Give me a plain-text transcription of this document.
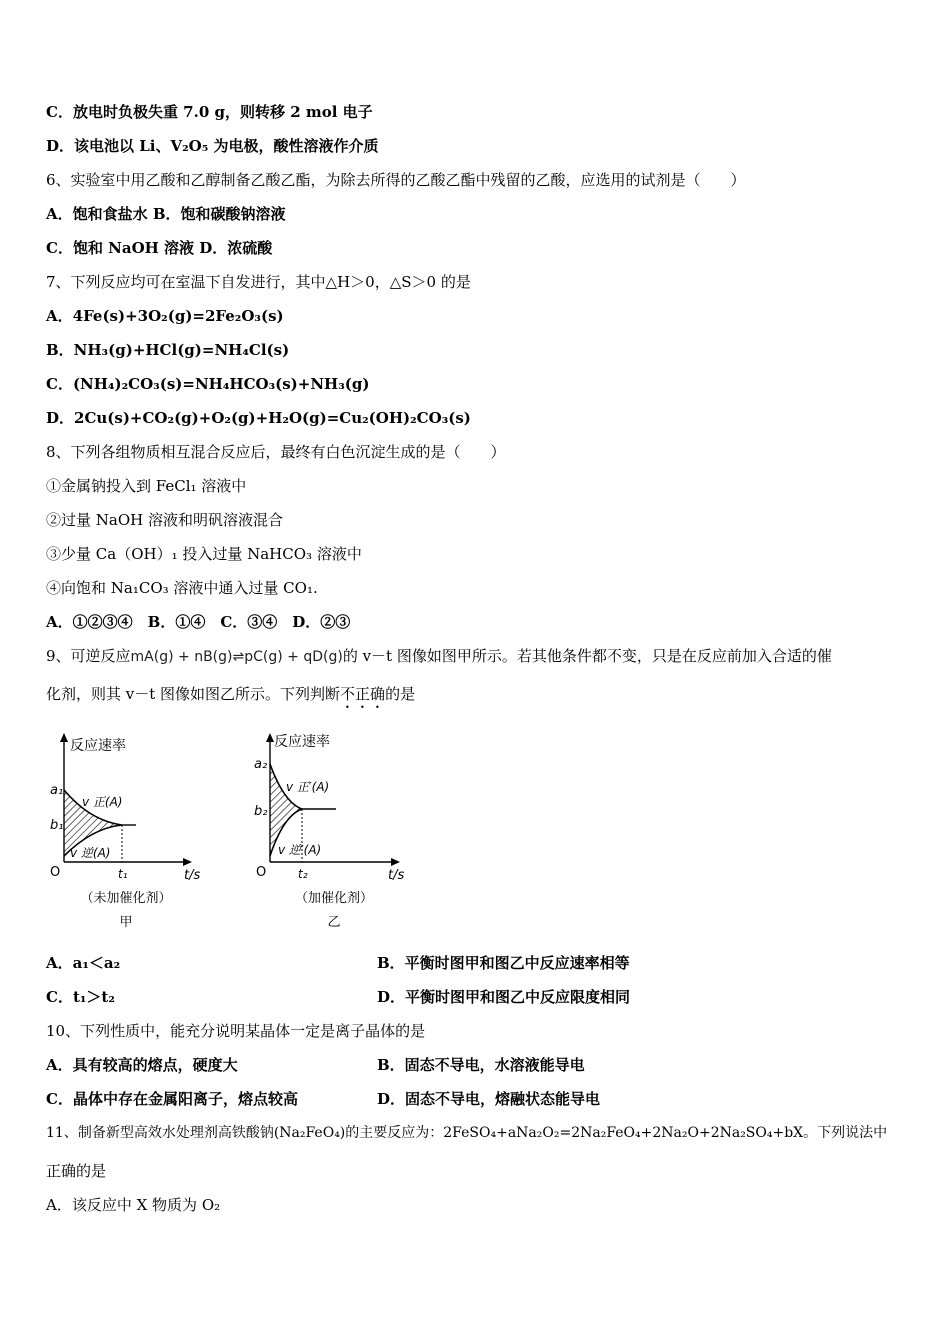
C．放电时负极失重 7.0 g，则转移 2 mol 电子
D．该电池以 Li、V₂O₅ 为电极，酸性溶液作介质
6、实验室中用乙酸和乙醇制备乙酸乙酯，为除去所得的乙酸乙酯中残留的乙酸，应选用的试剂是（　　）
A．饱和食盐水 B．饱和碳酸钠溶液
C．饱和 NaOH 溶液 D．浓硫酸
7、下列反应均可在室温下自发进行，其中△H＞0，△S＞0 的是
A．4Fe(s)+3O₂(g)=2Fe₂O₃(s)
B．NH₃(g)+HCl(g)=NH₄Cl(s)
C．(NH₄)₂CO₃(s)=NH₄HCO₃(s)+NH₃(g)
D．2Cu(s)+CO₂(g)+O₂(g)+H₂O(g)=Cu₂(OH)₂CO₃(s)
8、下列各组物质相互混合反应后，最终有白色沉淀生成的是（　　）
①金属钠投入到 FeCl₁ 溶液中
②过量 NaOH 溶液和明矾溶液混合
③少量 Ca（OH）₁ 投入过量 NaHCO₃ 溶液中
④向饱和 Na₁CO₃ 溶液中通入过量 CO₁.
A．①②③④　B．①④　C．③④　D．②③
9、可逆反应mA(g) + nB(g)⇌pC(g) + qD(g)的 v－t 图像如图甲所示。若其他条件都不变，只是在反应前加入合适的催
化剂，则其 v－t 图像如图乙所示。下列判断不正确的是
反应速率
a₁
b₁
v 正(A)
v 逆(A)
O	t₁	t/s
（未加催化剂）
甲
反应速率
a₂
b₂
v 正′(A)
v 逆′(A)
O	t₂	t/s
（加催化剂）
乙
A．a₁＜a₂	B．平衡时图甲和图乙中反应速率相等
C．t₁＞t₂	D．平衡时图甲和图乙中反应限度相同
10、下列性质中，能充分说明某晶体一定是离子晶体的是
A．具有较高的熔点，硬度大	B．固态不导电，水溶液能导电
C．晶体中存在金属阳离子，熔点较高	D．固态不导电，熔融状态能导电
11、制备新型高效水处理剂高铁酸钠(Na₂FeO₄)的主要反应为：2FeSO₄+aNa₂O₂=2Na₂FeO₄+2Na₂O+2Na₂SO₄+bX。下列说法中
正确的是
A．该反应中 X 物质为 O₂
